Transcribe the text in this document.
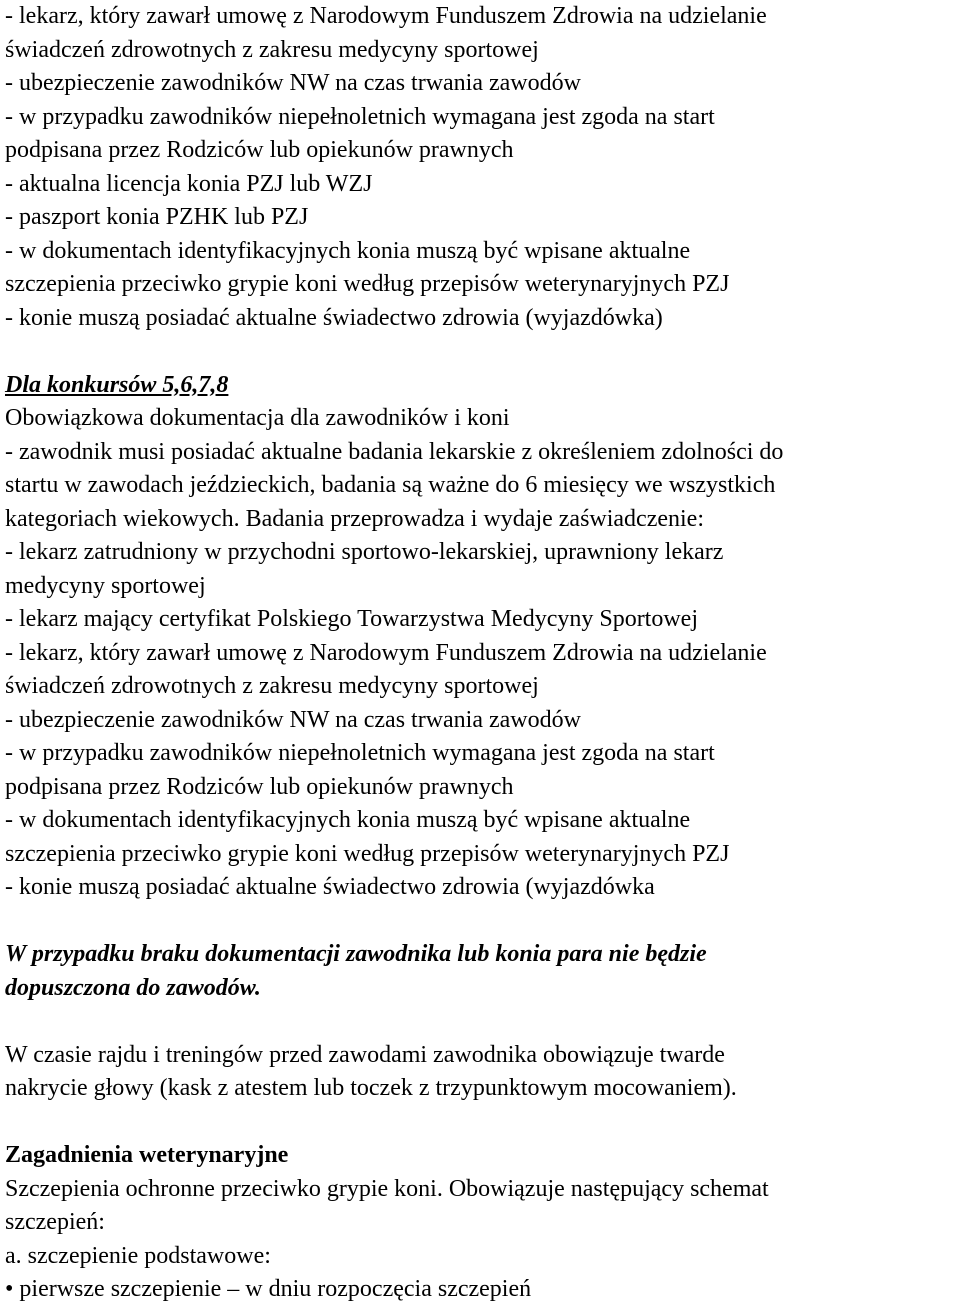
- lekarz, który zawarł umowę z Narodowym Funduszem Zdrowia na udzielanie

świadczeń zdrowotnych z zakresu medycyny sportowej

- ubezpieczenie zawodników NW na czas trwania zawodów

- w przypadku zawodników niepełnoletnich wymagana jest zgoda na start

podpisana przez Rodziców lub opiekunów prawnych

- aktualna licencja konia PZJ lub WZJ

- paszport konia PZHK lub PZJ

- w dokumentach identyfikacyjnych konia muszą być wpisane aktualne

szczepienia przeciwko grypie koni według przepisów weterynaryjnych PZJ

- konie muszą posiadać aktualne świadectwo zdrowia (wyjazdówka)

Dla konkursów 5,6,7,8

Obowiązkowa dokumentacja dla zawodników i koni

- zawodnik musi posiadać aktualne badania lekarskie z określeniem zdolności do

startu w zawodach jeździeckich, badania są ważne do 6 miesięcy we wszystkich

kategoriach wiekowych. Badania przeprowadza i wydaje zaświadczenie:

- lekarz zatrudniony w przychodni sportowo-lekarskiej, uprawniony lekarz

medycyny sportowej

- lekarz mający certyfikat Polskiego Towarzystwa Medycyny Sportowej

- lekarz, który zawarł umowę z Narodowym Funduszem Zdrowia na udzielanie

świadczeń zdrowotnych z zakresu medycyny sportowej

- ubezpieczenie zawodników NW na czas trwania zawodów

- w przypadku zawodników niepełnoletnich wymagana jest zgoda na start

podpisana przez Rodziców lub opiekunów prawnych

- w dokumentach identyfikacyjnych konia muszą być wpisane aktualne

szczepienia przeciwko grypie koni według przepisów weterynaryjnych PZJ

- konie muszą posiadać aktualne świadectwo zdrowia (wyjazdówka

W przypadku braku dokumentacji zawodnika lub konia para nie będzie

dopuszczona do zawodów.

W czasie rajdu i treningów przed zawodami zawodnika obowiązuje twarde

nakrycie głowy (kask z atestem lub toczek z trzypunktowym mocowaniem).

Zagadnienia weterynaryjne

Szczepienia ochronne przeciwko grypie koni. Obowiązuje następujący schemat

szczepień:

a. szczepienie podstawowe:

• pierwsze szczepienie – w dniu rozpoczęcia szczepień
